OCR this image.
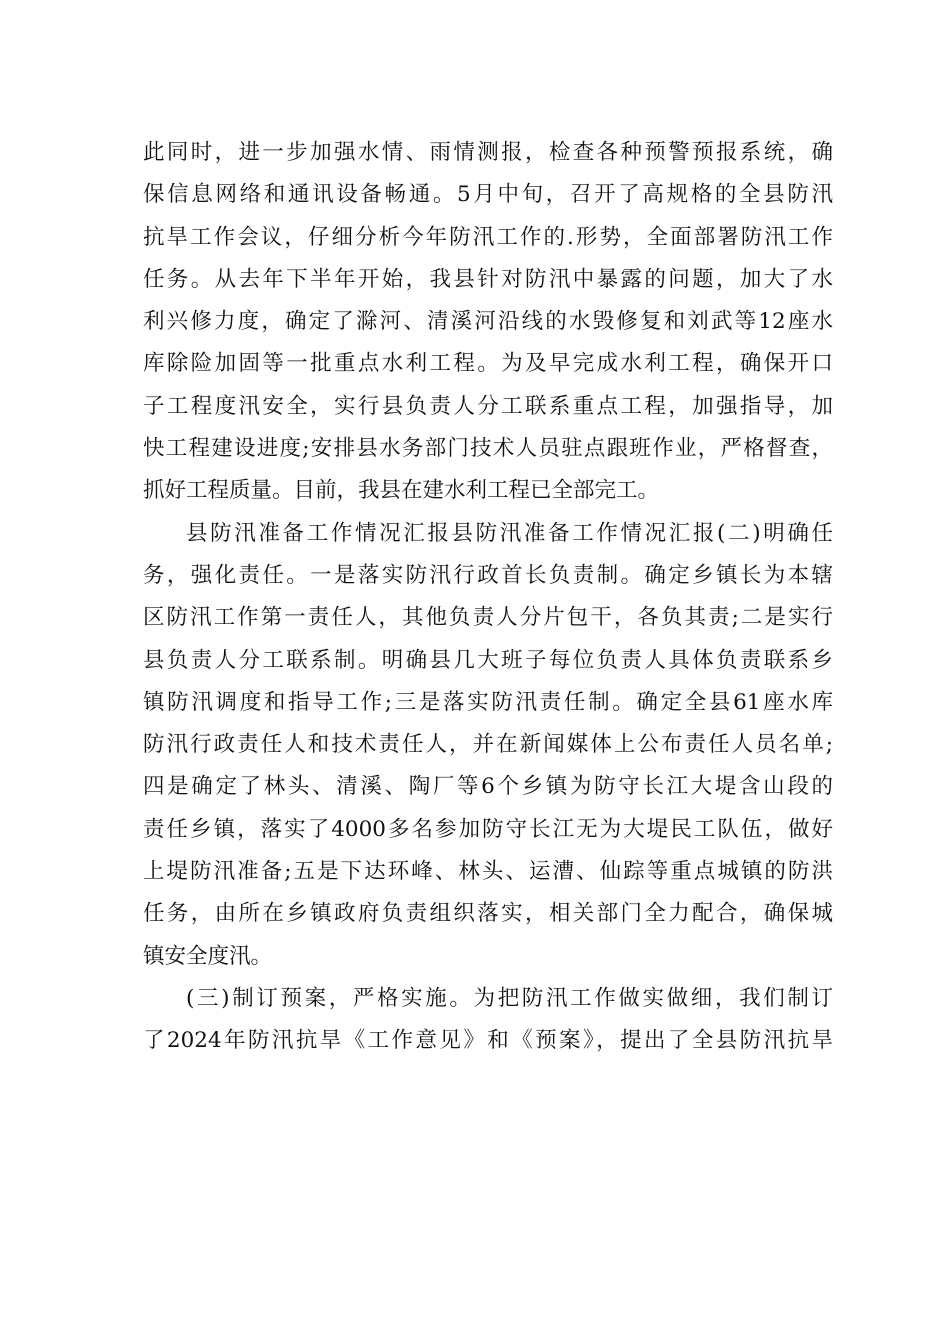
此同时，进一步加强水情、雨情测报，检查各种预警预报系统，确
保信息网络和通讯设备畅通。5月中旬，召开了高规格的全县防汛
抗旱工作会议，仔细分析今年防汛工作的.形势，全面部署防汛工作
任务。从去年下半年开始，我县针对防汛中暴露的问题，加大了水
利兴修力度，确定了滁河、清溪河沿线的水毁修复和刘武等12座水
库除险加固等一批重点水利工程。为及早完成水利工程，确保开口
子工程度汛安全，实行县负责人分工联系重点工程，加强指导，加
快工程建设进度;安排县水务部门技术人员驻点跟班作业，严格督查，
抓好工程质量。目前，我县在建水利工程已全部完工。
县防汛准备工作情况汇报县防汛准备工作情况汇报(二)明确任
务，强化责任。一是落实防汛行政首长负责制。确定乡镇长为本辖
区防汛工作第一责任人，其他负责人分片包干，各负其责;二是实行
县负责人分工联系制。明确县几大班子每位负责人具体负责联系乡
镇防汛调度和指导工作;三是落实防汛责任制。确定全县61座水库
防汛行政责任人和技术责任人，并在新闻媒体上公布责任人员名单;
四是确定了林头、清溪、陶厂等6个乡镇为防守长江大堤含山段的
责任乡镇，落实了4000多名参加防守长江无为大堤民工队伍，做好
上堤防汛准备;五是下达环峰、林头、运漕、仙踪等重点城镇的防洪
任务，由所在乡镇政府负责组织落实，相关部门全力配合，确保城
镇安全度汛。
(三)制订预案，严格实施。为把防汛工作做实做细，我们制订
了2024年防汛抗旱《工作意见》和《预案》，提出了全县防汛抗旱
